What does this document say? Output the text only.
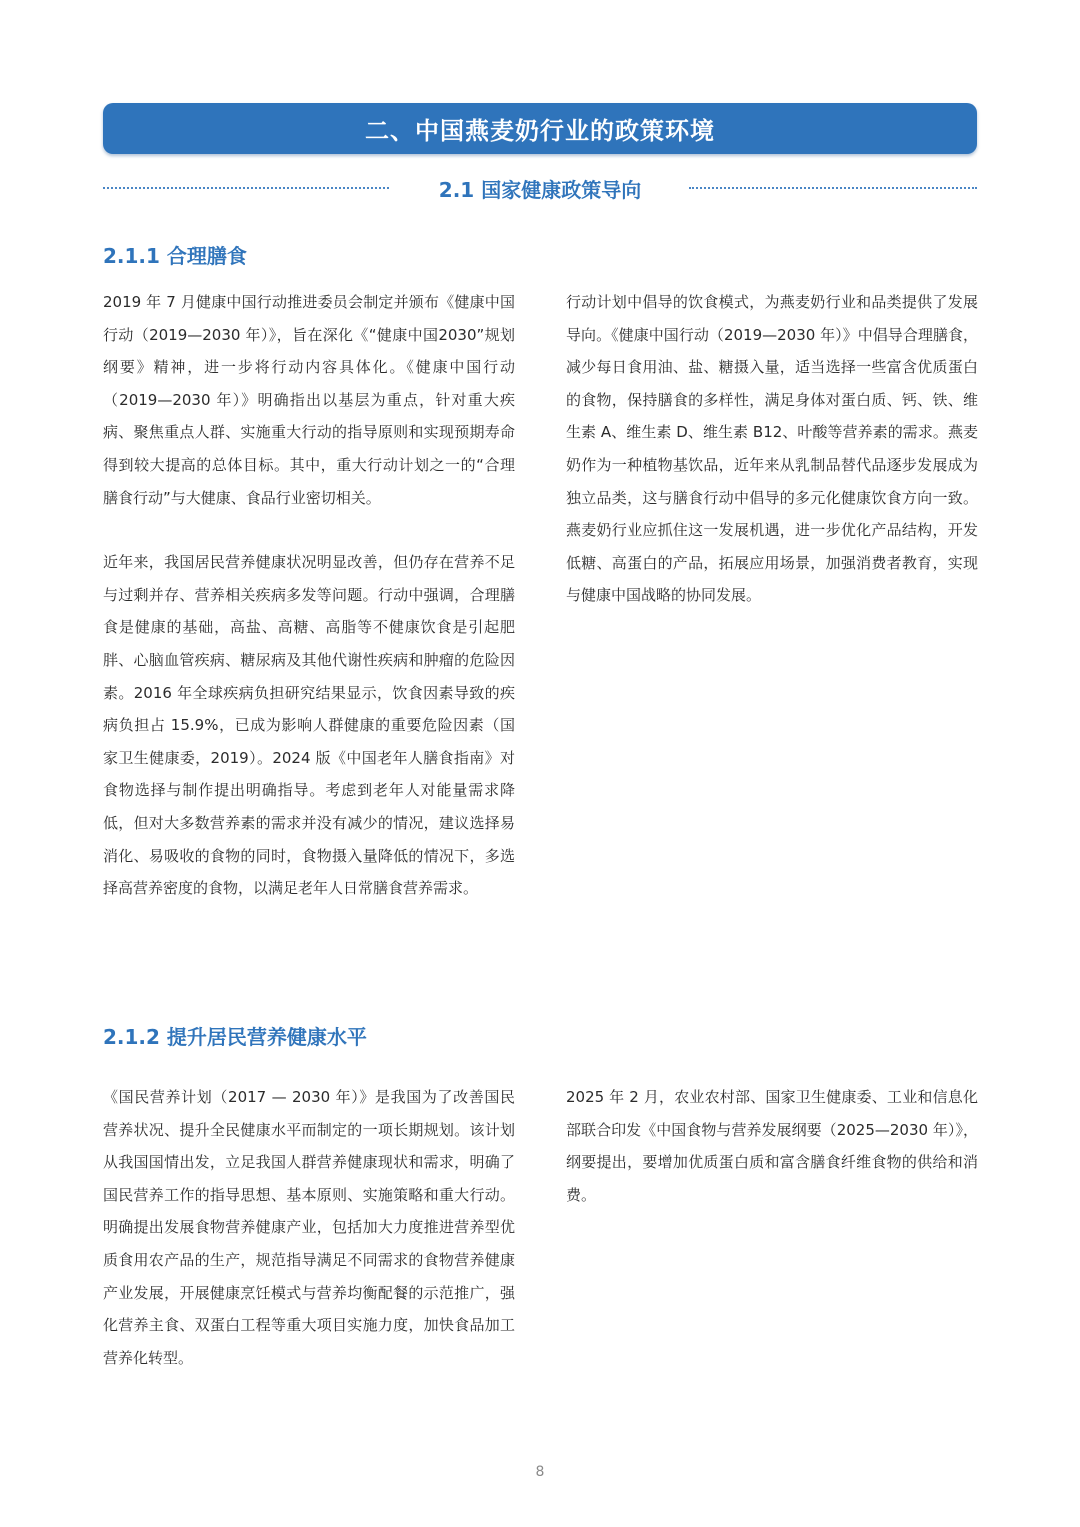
二、中国燕麦奶行业的政策环境
2.1 国家健康政策导向
2.1.1 合理膳食

2019 年 7 月健康中国行动推进委员会制定并颁布《健康中国行动（2019—2030 年）》，旨在深化《“健康中国2030”规划纲要》精神，进一步将行动内容具体化。《健康中国行动（2019—2030 年）》明确指出以基层为重点，针对重大疾病、聚焦重点人群、实施重大行动的指导原则和实现预期寿命得到较大提高的总体目标。其中，重大行动计划之一的“合理膳食行动”与大健康、食品行业密切相关。

近年来，我国居民营养健康状况明显改善，但仍存在营养不足与过剩并存、营养相关疾病多发等问题。行动中强调，合理膳食是健康的基础，高盐、高糖、高脂等不健康饮食是引起肥胖、心脑血管疾病、糖尿病及其他代谢性疾病和肿瘤的危险因素。2016 年全球疾病负担研究结果显示，饮食因素导致的疾病负担占 15.9%，已成为影响人群健康的重要危险因素（国家卫生健康委，2019）。2024 版《中国老年人膳食指南》对食物选择与制作提出明确指导。考虑到老年人对能量需求降低，但对大多数营养素的需求并没有减少的情况，建议选择易消化、易吸收的食物的同时，食物摄入量降低的情况下，多选择高营养密度的食物，以满足老年人日常膳食营养需求。

行动计划中倡导的饮食模式，为燕麦奶行业和品类提供了发展导向。《健康中国行动（2019—2030 年）》中倡导合理膳食，减少每日食用油、盐、糖摄入量，适当选择一些富含优质蛋白的食物，保持膳食的多样性，满足身体对蛋白质、钙、铁、维生素 A、维生素 D、维生素 B12、叶酸等营养素的需求。燕麦奶作为一种植物基饮品，近年来从乳制品替代品逐步发展成为独立品类，这与膳食行动中倡导的多元化健康饮食方向一致。燕麦奶行业应抓住这一发展机遇，进一步优化产品结构，开发低糖、高蛋白的产品，拓展应用场景，加强消费者教育，实现与健康中国战略的协同发展。

2.1.2 提升居民营养健康水平

《国民营养计划（2017 — 2030 年）》是我国为了改善国民营养状况、提升全民健康水平而制定的一项长期规划。该计划从我国国情出发，立足我国人群营养健康现状和需求，明确了国民营养工作的指导思想、基本原则、实施策略和重大行动。明确提出发展食物营养健康产业，包括加大力度推进营养型优质食用农产品的生产，规范指导满足不同需求的食物营养健康产业发展，开展健康烹饪模式与营养均衡配餐的示范推广，强化营养主食、双蛋白工程等重大项目实施力度，加快食品加工营养化转型。

2025 年 2 月，农业农村部、国家卫生健康委、工业和信息化部联合印发《中国食物与营养发展纲要（2025—2030 年）》，纲要提出，要增加优质蛋白质和富含膳食纤维食物的供给和消费。

8
